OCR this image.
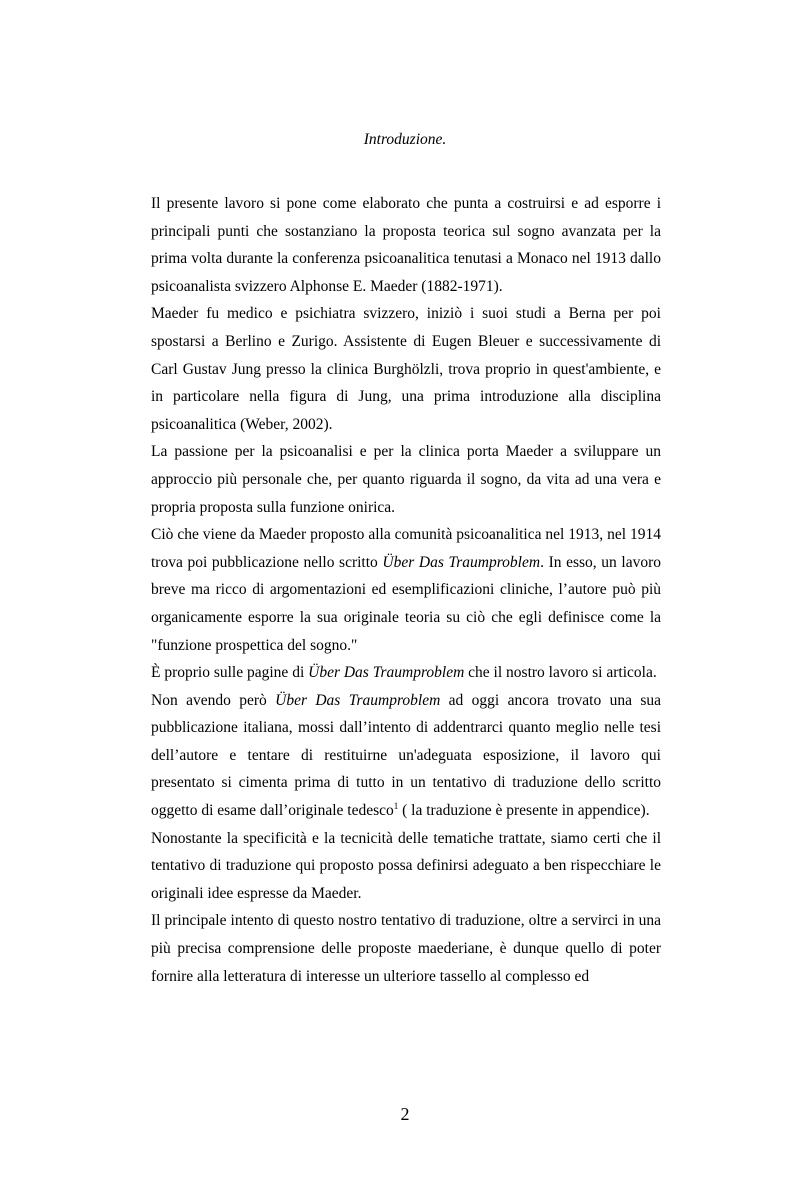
Introduzione.

Il presente lavoro si pone come elaborato che punta a costruirsi e ad esporre i principali punti che sostanziano la proposta teorica sul sogno avanzata per la prima volta durante la conferenza psicoanalitica tenutasi a Monaco nel 1913 dallo psicoanalista svizzero Alphonse E. Maeder (1882-1971).

Maeder fu medico e psichiatra svizzero, iniziò i suoi studi a Berna per poi spostarsi a Berlino e Zurigo. Assistente di Eugen Bleuer e successivamente di Carl Gustav Jung presso la clinica Burghölzli, trova proprio in quest'ambiente, e in particolare nella figura di Jung, una prima introduzione alla disciplina psicoanalitica (Weber, 2002).

La passione per la psicoanalisi e per la clinica porta Maeder a sviluppare un approccio più personale che, per quanto riguarda il sogno, da vita ad una vera e propria proposta sulla funzione onirica.

Ciò che viene da Maeder proposto alla comunità psicoanalitica nel 1913, nel 1914 trova poi pubblicazione nello scritto Über Das Traumproblem. In esso, un lavoro breve ma ricco di argomentazioni ed esemplificazioni cliniche, l’autore può più organicamente esporre la sua originale teoria su ciò che egli definisce come la "funzione prospettica del sogno."

È proprio sulle pagine di Über Das Traumproblem che il nostro lavoro si articola.

Non avendo però Über Das Traumproblem ad oggi ancora trovato una sua pubblicazione italiana, mossi dall’intento di addentrarci quanto meglio nelle tesi dell’autore e tentare di restituirne un'adeguata esposizione, il lavoro qui presentato si cimenta prima di tutto in un tentativo di traduzione dello scritto oggetto di esame dall’originale tedesco$^1$ ( la traduzione è presente in appendice).

Nonostante la specificità e la tecnicità delle tematiche trattate, siamo certi che il tentativo di traduzione qui proposto possa definirsi adeguato a ben rispecchiare le originali idee espresse da Maeder.

Il principale intento di questo nostro tentativo di traduzione, oltre a servirci in una più precisa comprensione delle proposte maederiane, è dunque quello di poter fornire alla letteratura di interesse un ulteriore tassello al complesso ed

2
